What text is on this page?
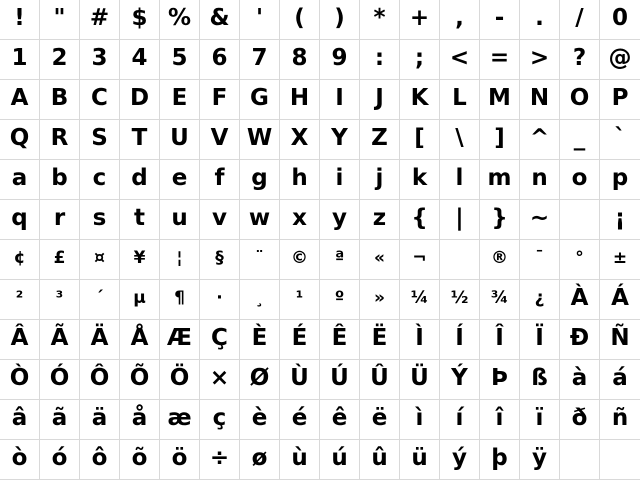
! " # $ % & ' ( ) * + , - . / 0
1 2 3 4 5 6 7 8 9 : ; < = > ? @
A B C D E F G H I J K L M N O P
Q R S T U V W X Y Z [ \ ] ^ _ `
a b c d e f g h i j k l m n o p
q r s t u v w x y z { | } ~	¡
¢ £ ¤ ¥ ¦ § ¨ © ª « ¬	® ¯ ° ±
² ³ ´ µ ¶ · ¸ ¹ º » ¼ ½ ¾ ¿ À Á
Â Ã Ä Å Æ Ç È É Ê Ë Ì Í Î Ï Ð Ñ
Ò Ó Ô Õ Ö × Ø Ù Ú Û Ü Ý Þ ß à á
â ã ä å æ ç è é ê ë ì í î ï ð ñ
ò ó ô õ ö ÷ ø ù ú û ü ý þ ÿ
